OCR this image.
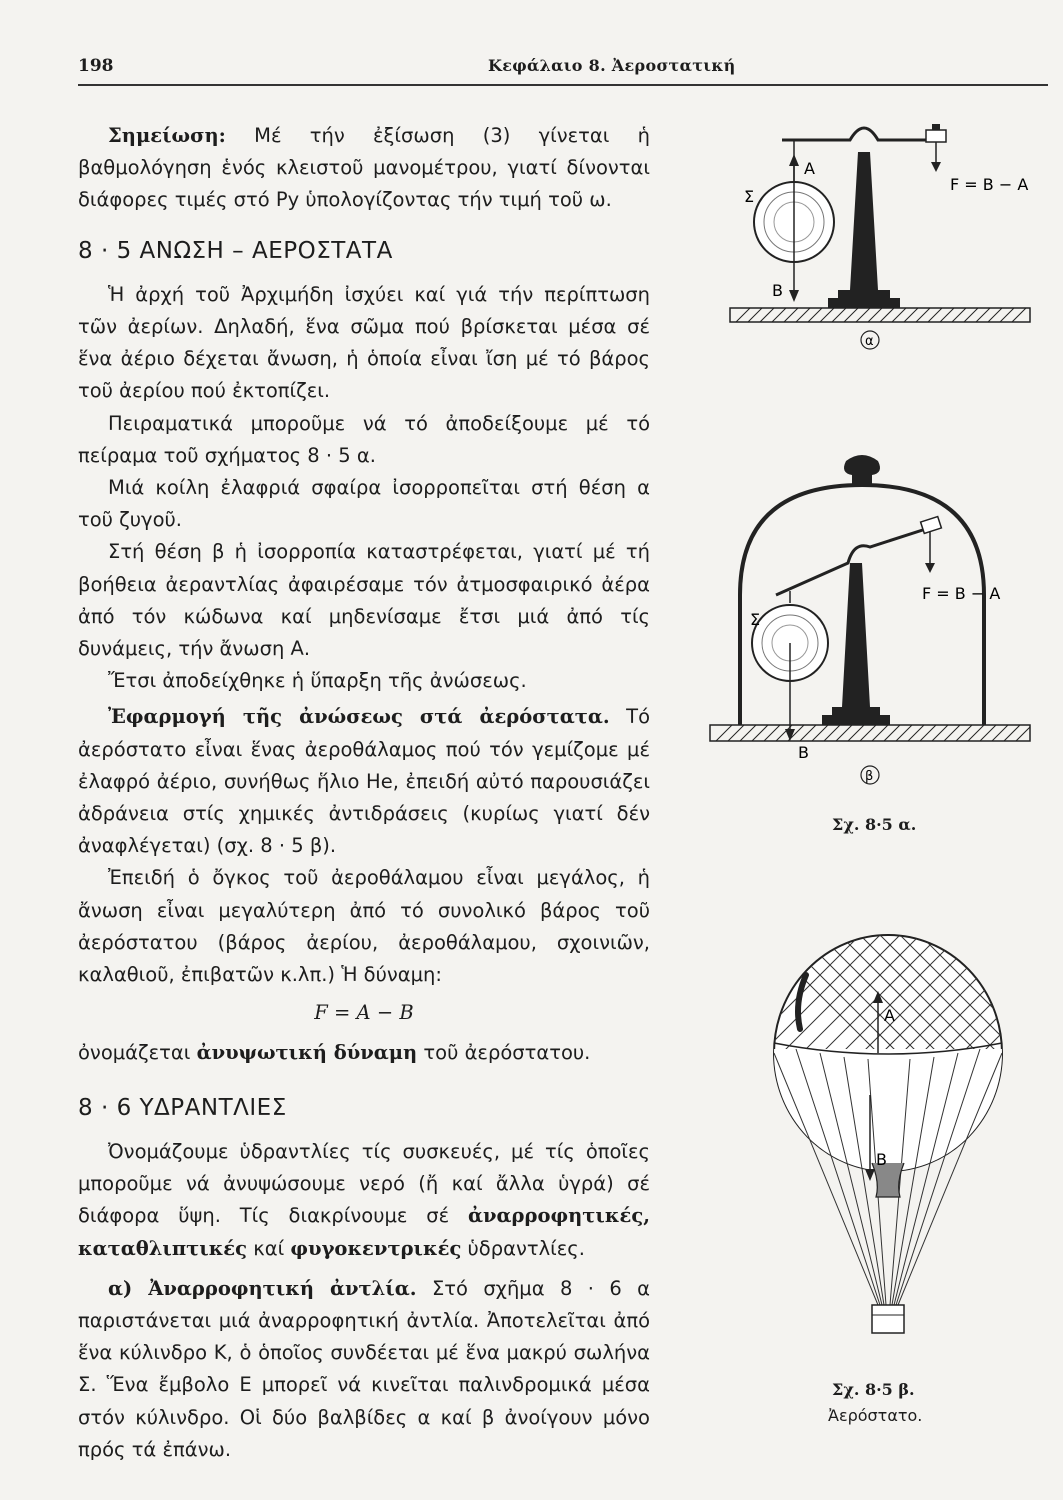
198	Κεφάλαιο 8. Ἀεροστατική

Σημείωση: Μέ τήν ἐξίσωση (3) γίνεται ἡ βαθμολόγηση ἑνός κλειστοῦ μανομέτρου, γιατί δίνονται διάφορες τιμές στό Py ὑπολογίζοντας τήν τιμή τοῦ ω.

8 · 5 ΑΝΩΣΗ – ΑΕΡΟΣΤΑΤΑ

Ἡ ἀρχή τοῦ Ἀρχιμήδη ἰσχύει καί γιά τήν περίπτωση τῶν ἀερίων. Δηλαδή, ἕνα σῶμα πού βρίσκεται μέσα σέ ἕνα ἀέριο δέχεται ἄνωση, ἡ ὁποία εἶναι ἴση μέ τό βάρος τοῦ ἀερίου πού ἐκτοπίζει.

Πειραματικά μποροῦμε νά τό ἀποδείξουμε μέ τό πείραμα τοῦ σχήματος 8 · 5 α.

Μιά κοίλη ἐλαφριά σφαίρα ἰσορροπεῖται στή θέση α τοῦ ζυγοῦ.

Στή θέση β ἡ ἰσορροπία καταστρέφεται, γιατί μέ τή βοήθεια ἀεραντλίας ἀφαιρέσαμε τόν ἀτμοσφαιρικό ἀέρα ἀπό τόν κώδωνα καί μηδενίσαμε ἔτσι μιά ἀπό τίς δυνάμεις, τήν ἄνωση Α.

Ἔτσι ἀποδείχθηκε ἡ ὕπαρξη τῆς ἀνώσεως.

Ἐφαρμογή τῆς ἀνώσεως στά ἀερόστατα. Τό ἀερόστατο εἶναι ἕνας ἀεροθάλαμος πού τόν γεμίζομε μέ ἐλαφρό ἀέριο, συνήθως ἥλιο He, ἐπειδή αὐτό παρουσιάζει ἀδράνεια στίς χημικές ἀντιδράσεις (κυρίως γιατί δέν ἀναφλέγεται) (σχ. 8 · 5 β).

Ἐπειδή ὁ ὄγκος τοῦ ἀεροθάλαμου εἶναι μεγάλος, ἡ ἄνωση εἶναι μεγαλύτερη ἀπό τό συνολικό βάρος τοῦ ἀερόστατου (βάρος ἀερίου, ἀεροθάλαμου, σχοινιῶν, καλαθιοῦ, ἐπιβατῶν κ.λπ.) Ἡ δύναμη:

F = A − B

ὀνομάζεται ἀνυψωτική δύναμη τοῦ ἀερόστατου.

8 · 6 ΥΔΡΑΝΤΛΙΕΣ

Ὀνομάζουμε ὑδραντλίες τίς συσκευές, μέ τίς ὁποῖες μποροῦμε νά ἀνυψώσουμε νερό (ἤ καί ἄλλα ὑγρά) σέ διάφορα ὕψη. Τίς διακρίνουμε σέ ἀναρροφητικές, καταθλιπτικές καί φυγοκεντρικές ὑδραντλίες.

α) Ἀναρροφητική ἀντλία. Στό σχῆμα 8 · 6 α παριστάνεται μιά ἀναρροφητική ἀντλία. Ἀποτελεῖται ἀπό ἕνα κύλινδρο Κ, ὁ ὁποῖος συνδέεται μέ ἕνα μακρύ σωλήνα Σ. Ἕνα ἔμβολο Ε μπορεῖ νά κινεῖται παλινδρομικά μέσα στόν κύλινδρο. Οἱ δύο βαλβίδες α καί β ἀνοίγουν μόνο πρός τά ἐπάνω.

A
B
Σ
F = B − A
α
B
Σ
F = B − A
β
Σχ. 8·5 α.
A
B
Σχ. 8·5 β.
Ἀερόστατο.
